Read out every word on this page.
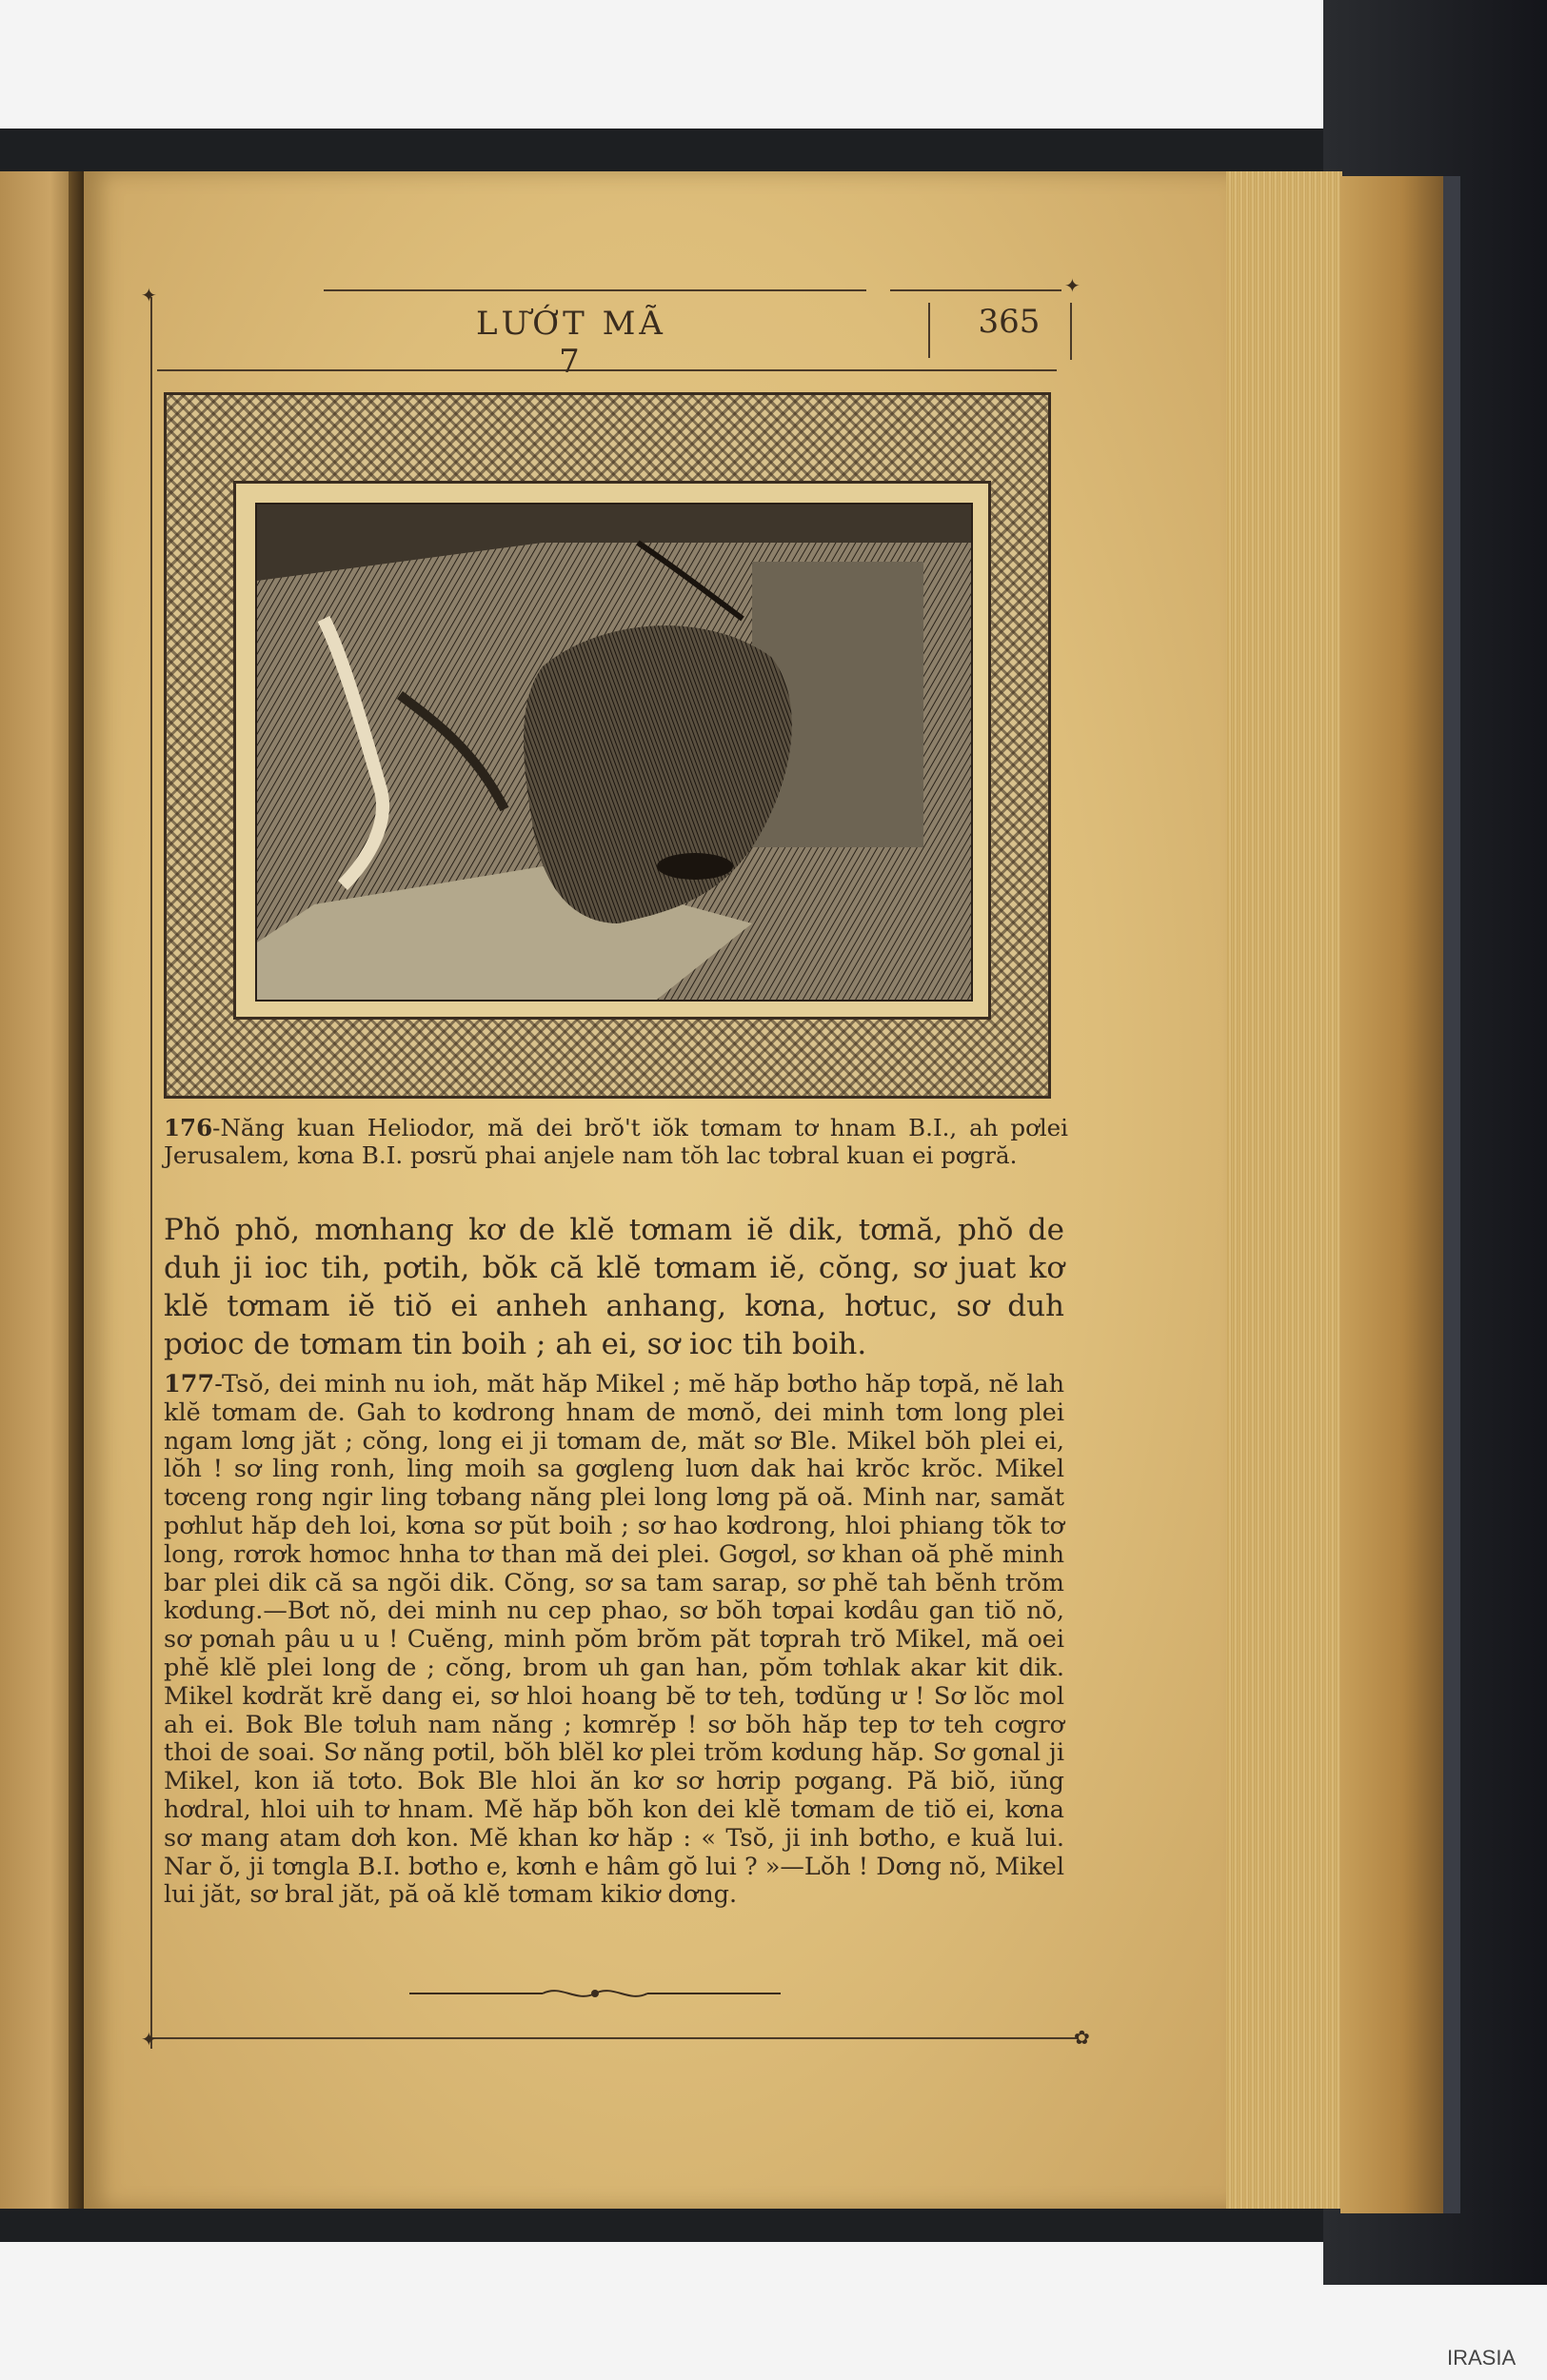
✦	✦
✦	✿
LƯỚT MÃ 7
365
176-Năng kuan Heliodor, mă dei brŏ't iŏk tơmam tơ hnam B.I., ah pơlei Jerusalem, kơna B.I. pơsrŭ phai anjele nam tŏh lac tơbral kuan ei pơgră.
Phŏ phŏ, mơnhang kơ de klĕ tơmam iĕ dik, tơmă, phŏ de duh ji ioc tih, pơtih, bŏk că klĕ tơmam iĕ, cŏng, sơ juat kơ klĕ tơmam iĕ tiŏ ei anheh anhang, kơna, hơtuc, sơ duh pơioc de tơmam tin boih ; ah ei, sơ ioc tih boih.
177-Tsŏ, dei minh nu ioh, măt hăp Mikel ; mĕ hăp bơtho hăp tơpă, nĕ lah klĕ tơmam de. Gah to kơdrong hnam de mơnŏ, dei minh tơm long plei ngam lơng jăt ; cŏng, long ei ji tơmam de, măt sơ Ble. Mikel bŏh plei ei, lŏh ! sơ ling ronh, ling moih sa gơgleng luơn dak hai krŏc krŏc. Mikel tơceng rong ngir ling tơbang năng plei long lơng pă oă. Minh nar, samăt pơhlut hăp deh loi, kơna sơ pŭt boih ; sơ hao kơdrong, hloi phiang tŏk tơ long, rơrơk hơmoc hnha tơ than mă dei plei. Gơgơl, sơ khan oă phĕ minh bar plei dik că sa ngŏi dik. Cŏng, sơ sa tam sarap, sơ phĕ tah bĕnh trŏm kơdung.—Bơt nŏ, dei minh nu cep phao, sơ bŏh tơpai kơdâu gan tiŏ nŏ, sơ pơnah pâu u u ! Cuĕng, minh pŏm brŏm păt tơprah trŏ Mikel, mă oei phĕ klĕ plei long de ; cŏng, brom uh gan han, pŏm tơhlak akar kit dik. Mikel kơdrăt krĕ dang ei, sơ hloi hoang bĕ tơ teh, tơdŭng ư ! Sơ lŏc mol ah ei. Bok Ble tơluh nam năng ; kơmrĕp ! sơ bŏh hăp tep tơ teh cơgrơ thoi de soai. Sơ năng pơtil, bŏh blĕl kơ plei trŏm kơdung hăp. Sơ gơnal ji Mikel, kon iă tơto. Bok Ble hloi ăn kơ sơ hơrip pơgang. Pă biŏ, iŭng hơdral, hloi uih tơ hnam. Mĕ hăp bŏh kon dei klĕ tơmam de tiŏ ei, kơna sơ mang atam dơh kon. Mĕ khan kơ hăp : « Tsŏ, ji inh bơtho, e kuă lui. Nar ŏ, ji tơngla B.I. bơtho e, kơnh e hâm gŏ lui ? »—Lŏh ! Dơng nŏ, Mikel lui jăt, sơ bral jăt, pă oă klĕ tơmam kikiơ dơng.
IRASIA
